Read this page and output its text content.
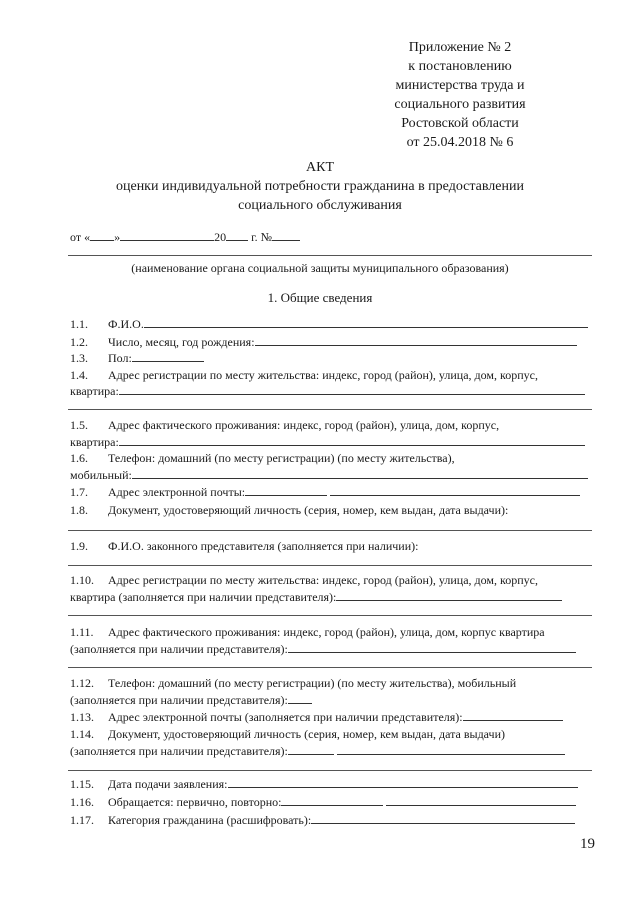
Приложение № 2
к постановлению
министерства труда и
социального развития
Ростовской области
от 25.04.2018 № 6
АКТ
оценки индивидуальной потребности гражданина в предоставлении
социального обслуживания
от « »	20 г. №
(наименование органа социальной защиты муниципального образования)
1. Общие сведения
1.1. Ф.И.О.
1.2. Число, месяц, год рождения:
1.3. Пол:
1.4. Адрес регистрации по месту жительства: индекс, город (район), улица, дом, корпус,
квартира:
1.5. Адрес фактического проживания: индекс, город (район), улица, дом, корпус,
квартира:
1.6. Телефон: домашний (по месту регистрации) (по месту жительства),
мобильный:
1.7. Адрес электронной почты:
1.8. Документ, удостоверяющий личность (серия, номер, кем выдан, дата выдачи):
1.9. Ф.И.О. законного представителя (заполняется при наличии):
1.10. Адрес регистрации по месту жительства: индекс, город (район), улица, дом, корпус,
квартира (заполняется при наличии представителя):
1.11. Адрес фактического проживания: индекс, город (район), улица, дом, корпус квартира
(заполняется при наличии представителя):
1.12. Телефон: домашний (по месту регистрации) (по месту жительства), мобильный
(заполняется при наличии представителя):
1.13. Адрес электронной почты (заполняется при наличии представителя):
1.14. Документ, удостоверяющий личность (серия, номер, кем выдан, дата выдачи)
(заполняется при наличии представителя):
1.15. Дата подачи заявления:
1.16. Обращается: первично, повторно:
1.17. Категория гражданина (расшифровать):
19
